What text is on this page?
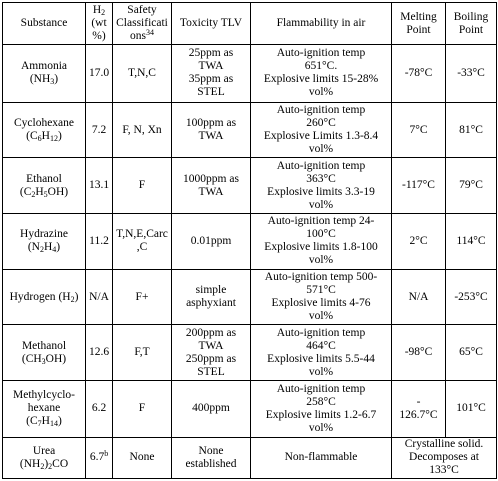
Substance	$H_2$
(wt
%)	Safety
Classificati
ons$^{34}$	Toxicity TLV	Flammability in air	Melting
Point	Boiling
Point

Ammonia
$(NH_3)$	17.0	T,N,C	25ppm as
TWA
35ppm as
STEL	Auto-ignition temp
651°C.
Explosive limits 15-28%
vol%	-78°C	-33°C

Cyclohexane
$(C_6H_{12})$	7.2	F, N, Xn	100ppm as
TWA	Auto-ignition temp
260°C
Explosive Limits 1.3-8.4
vol%	7°C	81°C

Ethanol
$(C_2H_5OH)$	13.1	F	1000ppm as
TWA	Auto-ignition temp
363°C
Explosive limits 3.3-19
vol%	-117°C	79°C

Hydrazine
$(N_2H_4)$	11.2	T,N,E,Carc
,C	0.01ppm	Auto-ignition temp 24-
100°C
Explosive limits 1.8-100
vol%	2°C	114°C
Hydrogen $(H_2)$	N/A	F+	simple
asphyxiant	Auto-ignition temp 500-
571°C
Explosive limits 4-76
vol%	N/A	-253°C

Methanol
$(CH_3OH)$	12.6	F,T	200ppm as
TWA
250ppm as
STEL	Auto-ignition temp
464°C
Explosive limits 5.5-44
vol%	-98°C	65°C

Methylcyclo-
hexane
$(C_7H_{14})$	6.2	F	400ppm	Auto-ignition temp
258°C
Explosive limits 1.2-6.7
vol%	-
126.7°C	101°C

Urea
$(NH_2)_2CO$	6.7$^b$	None	None
established	Non-flammable	Crystalline solid.
Decomposes at
133°C	
